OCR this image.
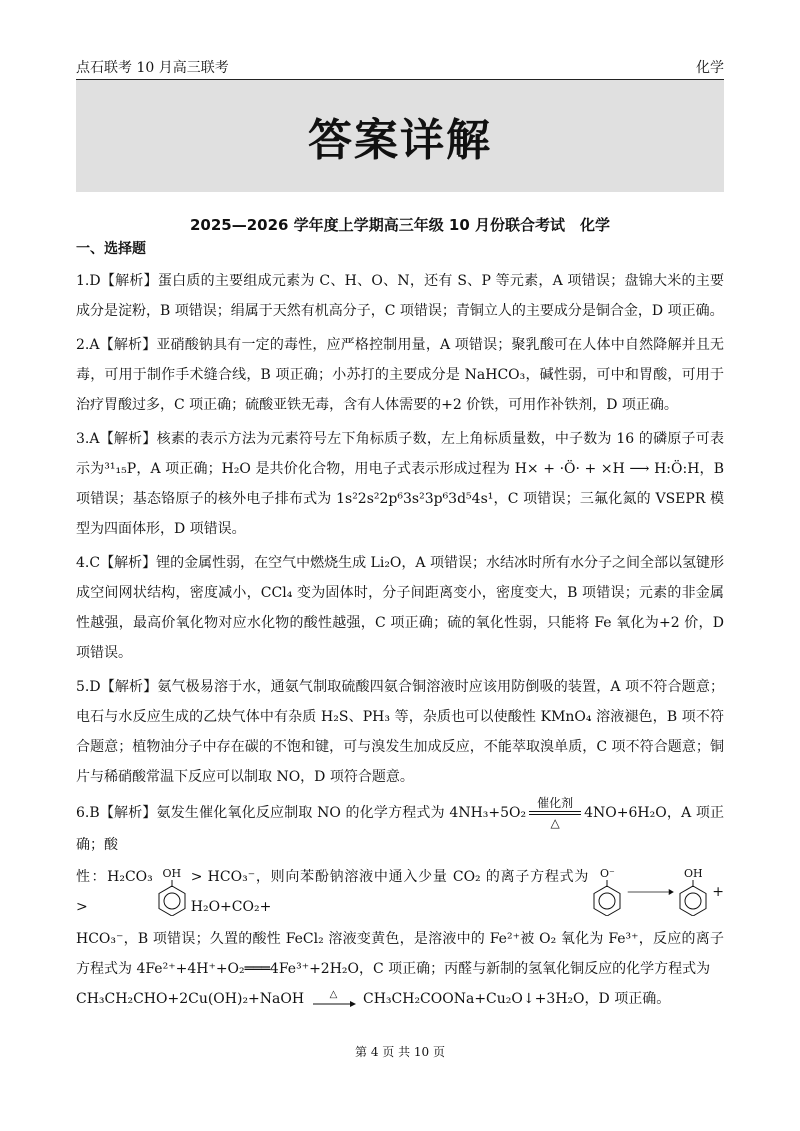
点石联考 10 月高三联考	化学
答案详解
2025—2026 学年度上学期高三年级 10 月份联合考试　化学
一、选择题

1.D【解析】蛋白质的主要组成元素为 C、H、O、N，还有 S、P 等元素，A 项错误；盘锦大米的主要成分是淀粉，B 项错误；绢属于天然有机高分子，C 项错误；青铜立人的主要成分是铜合金，D 项正确。

2.A【解析】亚硝酸钠具有一定的毒性，应严格控制用量，A 项错误；聚乳酸可在人体中自然降解并且无毒，可用于制作手术缝合线，B 项正确；小苏打的主要成分是 NaHCO₃，碱性弱，可中和胃酸，可用于治疗胃酸过多，C 项正确；硫酸亚铁无毒，含有人体需要的+2 价铁，可用作补铁剂，D 项正确。

3.A【解析】核素的表示方法为元素符号左下角标质子数，左上角标质量数，中子数为 16 的磷原子可表示为³¹₁₅P，A 项正确；H₂O 是共价化合物，用电子式表示形成过程为 H× + ·Ö· + ×H ⟶ H:Ö:H，B 项错误；基态铬原子的核外电子排布式为 1s²2s²2p⁶3s²3p⁶3d⁵4s¹，C 项错误；三氟化氮的 VSEPR 模型为四面体形，D 项错误。

4.C【解析】锂的金属性弱，在空气中燃烧生成 Li₂O，A 项错误；水结冰时所有水分子之间全部以氢键形成空间网状结构，密度减小，CCl₄ 变为固体时，分子间距离变小，密度变大，B 项错误；元素的非金属性越强，最高价氧化物对应水化物的酸性越强，C 项正确；硫的氧化性弱，只能将 Fe 氧化为+2 价，D 项错误。

5.D【解析】氨气极易溶于水，通氨气制取硫酸四氨合铜溶液时应该用防倒吸的装置，A 项不符合题意；电石与水反应生成的乙炔气体中有杂质 H₂S、PH₃ 等，杂质也可以使酸性 KMnO₄ 溶液褪色，B 项不符合题意；植物油分子中存在碳的不饱和键，可与溴发生加成反应，不能萃取溴单质，C 项不符合题意；铜片与稀硝酸常温下反应可以制取 NO，D 项符合题意。

6.B【解析】氨发生催化氧化反应制取 NO 的化学方程式为 4NH₃+5O₂
催化剂
△
4NO+6H₂O，A 项正确；酸
性：H₂CO₃ >
OH > HCO₃⁻，则向苯酚钠溶液中通入少量 CO₂ 的离子方程式为 H₂O+CO₂+
O⁻	OH
+
HCO₃⁻，B 项错误；久置的酸性 FeCl₂ 溶液变黄色，是溶液中的 Fe²⁺被 O₂ 氧化为 Fe³⁺，反应的离子方程式为 4Fe²⁺+4H⁺+O₂═══4Fe³⁺+2H₂O，C 项正确；丙醛与新制的氢氧化铜反应的化学方程式为
CH₃CH₂CHO+2Cu(OH)₂+NaOH	△ CH₃CH₂COONa+Cu₂O↓+3H₂O，D 项正确。
第 4 页 共 10 页
